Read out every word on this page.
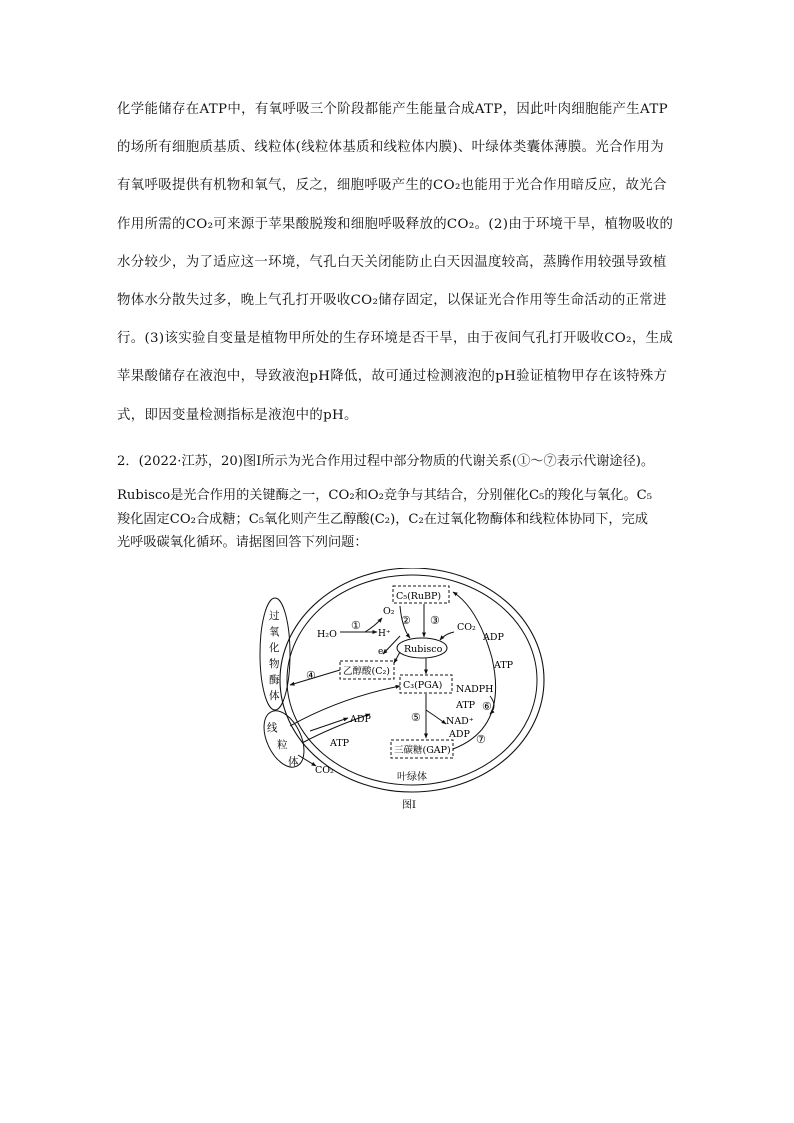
化学能储存在ATP中，有氧呼吸三个阶段都能产生能量合成ATP，因此叶肉细胞能产生ATP
的场所有细胞质基质、线粒体(线粒体基质和线粒体内膜)、叶绿体类囊体薄膜。光合作用为
有氧呼吸提供有机物和氧气，反之，细胞呼吸产生的CO₂也能用于光合作用暗反应，故光合
作用所需的CO₂可来源于苹果酸脱羧和细胞呼吸释放的CO₂。(2)由于环境干旱，植物吸收的
水分较少，为了适应这一环境，气孔白天关闭能防止白天因温度较高，蒸腾作用较强导致植
物体水分散失过多，晚上气孔打开吸收CO₂储存固定，以保证光合作用等生命活动的正常进
行。(3)该实验自变量是植物甲所处的生存环境是否干旱，由于夜间气孔打开吸收CO₂，生成
苹果酸储存在液泡中，导致液泡pH降低，故可通过检测液泡的pH验证植物甲存在该特殊方
式，即因变量检测指标是液泡中的pH。
2．(2022·江苏，20)图Ⅰ所示为光合作用过程中部分物质的代谢关系(①～⑦表示代谢途径)。
Rubisco是光合作用的关键酶之一，CO₂和O₂竞争与其结合，分别催化C₅的羧化与氧化。C₅
羧化固定CO₂合成糖；C₅氧化则产生乙醇酸(C₂)，C₂在过氧化物酶体和线粒体协同下，完成
光呼吸碳氧化循环。请据图回答下列问题：
C₅(RuBP)
O₂
CO₂
H₂O	H⁺
e⁻ Rubisco
ADP
ATP
乙醇酸(C₂)
C₃(PGA) NADPH
ATP
NAD⁺
ADP
三碳糖(GAP)
ADP
ATP
CO₂
叶绿体
图Ⅰ
过
氧
化
物
酶
体
线
粒
体
①	② ③
④
⑤
⑥
⑦
